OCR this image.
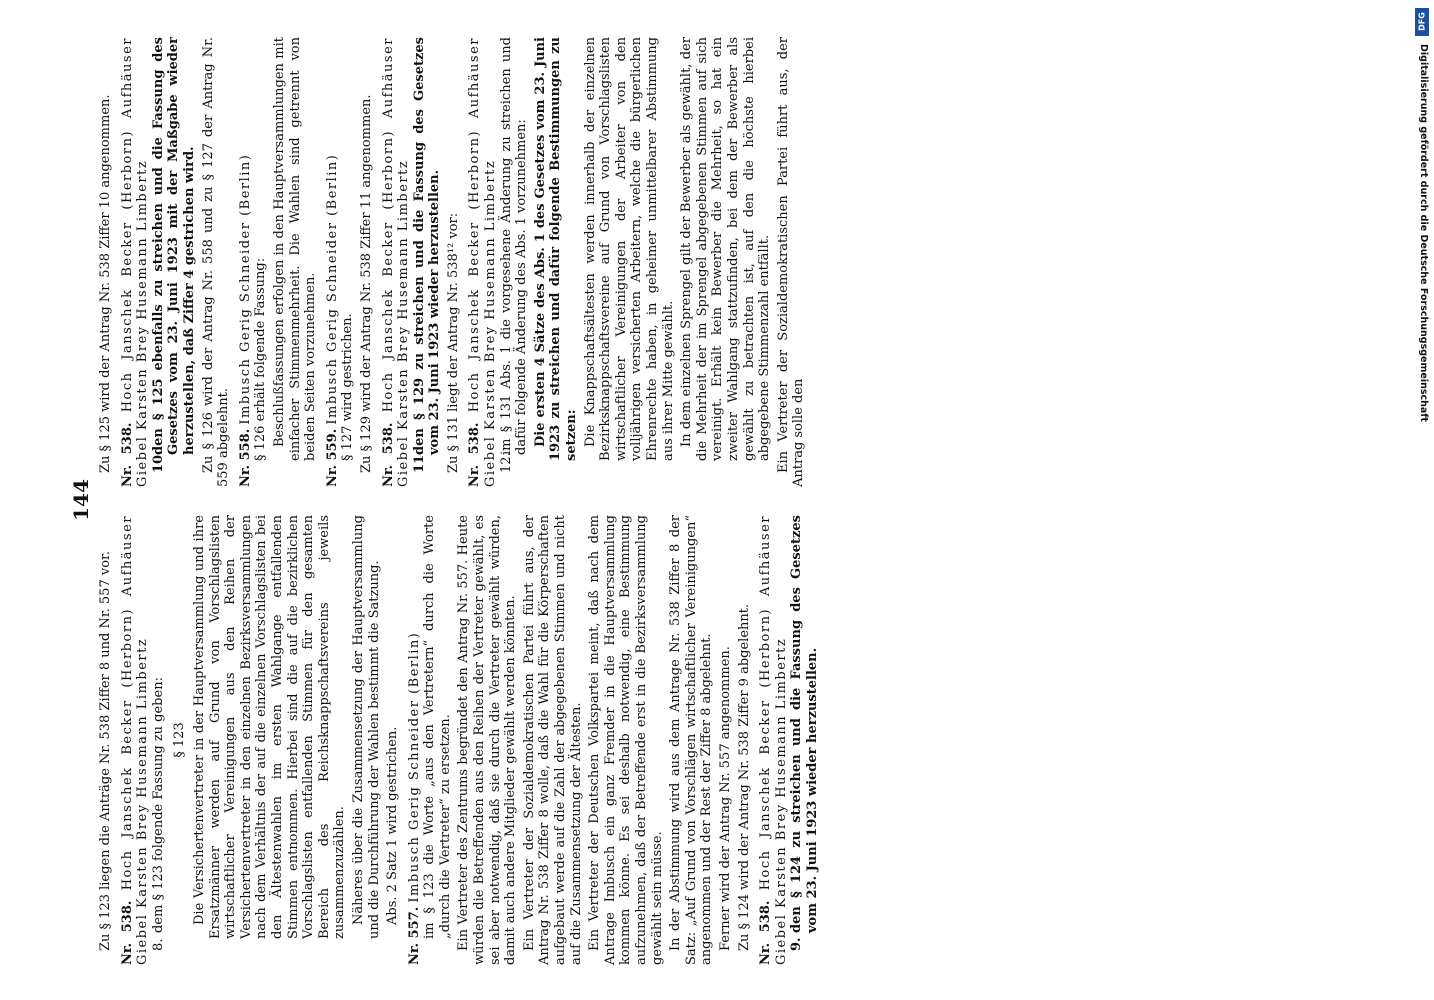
144

Zu § 123 liegen die Anträge Nr. 538 Ziffer 8 und Nr. 557 vor. Nr. 538. Hoch Janschek Becker (Herborn) Aufhäuser Giebel Karsten Brey Husemann Limbertz 8.dem § 123 folgende Fassung zu geben: § 123 Die Versichertenvertreter in der Hauptversammlung und ihre Ersatzmänner werden auf Grund von Vorschlagslisten wirtschaftlicher Vereinigungen aus den Reihen der Versichertenvertreter in den einzelnen Bezirksversammlungen nach dem Verhältnis der auf die einzelnen Vorschlagslisten bei den Ältestenwahlen im ersten Wahlgange entfallenden Stimmen entnommen. Hierbei sind die auf die bezirklichen Vorschlagslisten entfallenden Stimmen für den gesamten Bereich des Reichsknappschaftsvereins jeweils zusammenzuzählen. Näheres über die Zusammensetzung der Hauptversammlung und die Durchführung der Wahlen bestimmt die Satzung. Abs. 2 Satz 1 wird gestrichen.

Nr. 557. Imbusch Gerig Schneider (Berlin) im § 123 die Worte „aus den Vertretern“ durch die Worte „durch die Vertreter“ zu ersetzen. Ein Vertreter des Zentrums begründet den Antrag Nr. 557. Heute würden die Betreffenden aus den Reihen der Vertreter gewählt, es sei aber notwendig, daß sie durch die Vertreter gewählt würden, damit auch andere Mitglieder gewählt werden könnten. Ein Vertreter der Sozialdemokratischen Partei führt aus, der Antrag Nr. 538 Ziffer 8 wolle, daß die Wahl für die Körperschaften aufgebaut werde auf die Zahl der abgegebenen Stimmen und nicht auf die Zusammensetzung der Ältesten. Ein Vertreter der Deutschen Volkspartei meint, daß nach dem Antrage Imbusch ein ganz Fremder in die Hauptversammlung kommen könne. Es sei deshalb notwendig, eine Bestimmung aufzunehmen, daß der Betreffende erst in die Bezirksversammlung gewählt sein müsse. In der Abstimmung wird aus dem Antrage Nr. 538 Ziffer 8 der Satz: „Auf Grund von Vorschlägen wirtschaftlicher Vereinigungen“ angenommen und der Rest der Ziffer 8 abgelehnt. Ferner wird der Antrag Nr. 557 angenommen. Zu § 124 wird der Antrag Nr. 538 Ziffer 9 abgelehnt. Nr. 538. Hoch Janschek Becker (Herborn) Aufhäuser Giebel Karsten Brey Husemann Limbertz 9.den § 124 zu streichen und die Fassung des Gesetzes vom 23. Juni 1923 wieder herzustellen.

Zu § 125 wird der Antrag Nr. 538 Ziffer 10 angenommen. Nr. 538. Hoch Janschek Becker (Herborn) Aufhäuser Giebel Karsten Brey Husemann Limbertz 10.den § 125 ebenfalls zu streichen und die Fassung des Gesetzes vom 23. Juni 1923 mit der Maßgabe wieder herzustellen, daß Ziffer 4 gestrichen wird. Zu § 126 wird der Antrag Nr. 558 und zu § 127 der Antrag Nr. 559 abgelehnt. Nr. 558. Imbusch Gerig Schneider (Berlin) § 126 erhält folgende Fassung: Beschlußfassungen erfolgen in den Hauptversammlungen mit einfacher Stimmenmehrheit. Die Wahlen sind getrennt von beiden Seiten vorzunehmen. Nr. 559. Imbusch Gerig Schneider (Berlin) § 127 wird gestrichen. Zu § 129 wird der Antrag Nr. 538 Ziffer 11 angenommen. Nr. 538. Hoch Janschek Becker (Herborn) Aufhäuser Giebel Karsten Brey Husemann Limbertz 11.den § 129 zu streichen und die Fassung des Gesetzes vom 23. Juni 1923 wieder herzustellen. Zu § 131 liegt der Antrag Nr. 538¹² vor: Nr. 538. Hoch Janschek Becker (Herborn) Aufhäuser Giebel Karsten Brey Husemann Limbertz 12.im § 131 Abs. 1 die vorgesehene Änderung zu streichen und dafür folgende Änderung des Abs. 1 vorzunehmen: Die ersten 4 Sätze des Abs. 1 des Gesetzes vom 23. Juni 1923 zu streichen und dafür folgende Bestimmungen zu setzen: Die Knappschaftsältesten werden innerhalb der einzelnen Bezirksknappschaftsvereine auf Grund von Vorschlagslisten wirtschaftlicher Vereinigungen der Arbeiter von den volljährigen versicherten Arbeitern, welche die bürgerlichen Ehrenrechte haben, in geheimer unmittelbarer Abstimmung aus ihrer Mitte gewählt. In dem einzelnen Sprengel gilt der Bewerber als gewählt, der die Mehrheit der im Sprengel abgegebenen Stimmen auf sich vereinigt. Erhält kein Bewerber die Mehrheit, so hat ein zweiter Wahlgang stattzufinden, bei dem der Bewerber als gewählt zu betrachten ist, auf den die höchste hierbei abgegebene Stimmenzahl entfällt. Ein Vertreter der Sozialdemokratischen Partei führt aus, der Antrag solle den

DFG
Digitalisierung gefördert durch die Deutsche Forschungsgemeinschaft
